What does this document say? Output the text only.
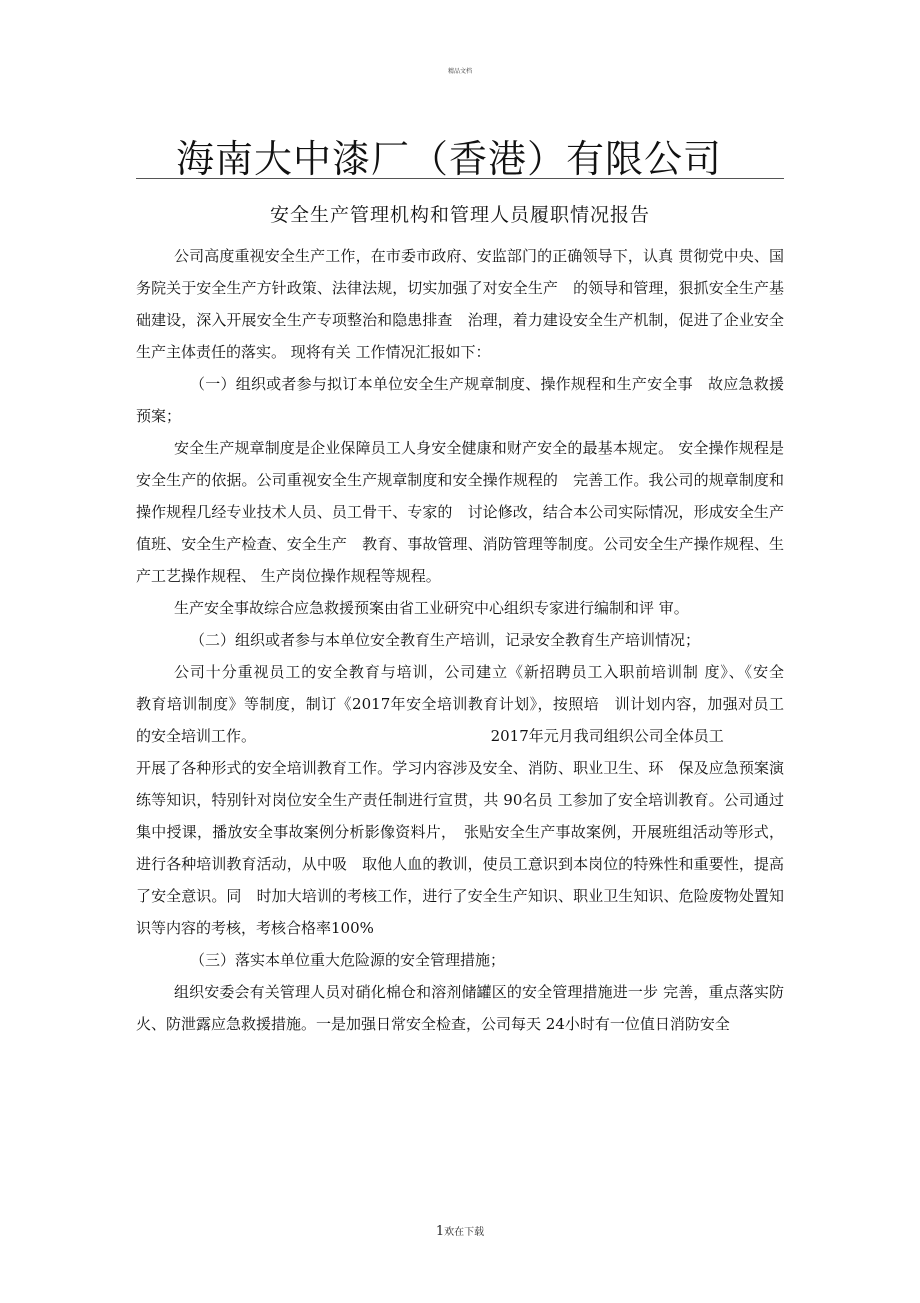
精品文档
海南大中漆厂（香港）有限公司
安全生产管理机构和管理人员履职情况报告

公司高度重视安全生产工作，在市委市政府、安监部门的正确领导下，认真 贯彻党中央、国务院关于安全生产方针政策、法律法规，切实加强了对安全生产　的领导和管理，狠抓安全生产基础建设，深入开展安全生产专项整治和隐患排查　治理，着力建设安全生产机制，促进了企业安全生产主体责任的落实。 现将有关 工作情况汇报如下：

（一）组织或者参与拟订本单位安全生产规章制度、操作规程和生产安全事　故应急救援预案；

安全生产规章制度是企业保障员工人身安全健康和财产安全的最基本规定。 安全操作规程是安全生产的依据。公司重视安全生产规章制度和安全操作规程的　完善工作。我公司的规章制度和操作规程几经专业技术人员、员工骨干、专家的　讨论修改，结合本公司实际情况，形成安全生产值班、安全生产检查、安全生产　教育、事故管理、消防管理等制度。公司安全生产操作规程、生产工艺操作规程、 生产岗位操作规程等规程。

生产安全事故综合应急救援预案由省工业研究中心组织专家进行编制和评 审。

（二）组织或者参与本单位安全教育生产培训，记录安全教育生产培训情况；

公司十分重视员工的安全教育与培训，公司建立《新招聘员工入职前培训制 度》、《安全

教育培训制度》等制度，制订《2017年安全培训教育计划》，按照培　训计划内容，加强对员工

的安全培训工作。	2017年元月我司组织公司全体员工

开展了各种形式的安全培训教育工作。学习内容涉及安全、消防、职业卫生、环　保及应急预案演练等知识，特别针对岗位安全生产责任制进行宣贯，共 90名员 工参加了安全培训教育。公司通过集中授课，播放安全事故案例分析影像资料片，　张贴安全生产事故案例，开展班组活动等形式，进行各种培训教育活动，从中吸　取他人血的教训，使员工意识到本岗位的特殊性和重要性，提高了安全意识。同　时加大培训的考核工作，进行了安全生产知识、职业卫生知识、危险废物处置知 识等内容的考核，考核合格率100%

（三）落实本单位重大危险源的安全管理措施；

组织安委会有关管理人员对硝化棉仓和溶剂储罐区的安全管理措施进一步 完善，重点落实防火、防泄露应急救援措施。一是加强日常安全检查，公司每天 24小时有一位值日消防安全

1欢在下载
